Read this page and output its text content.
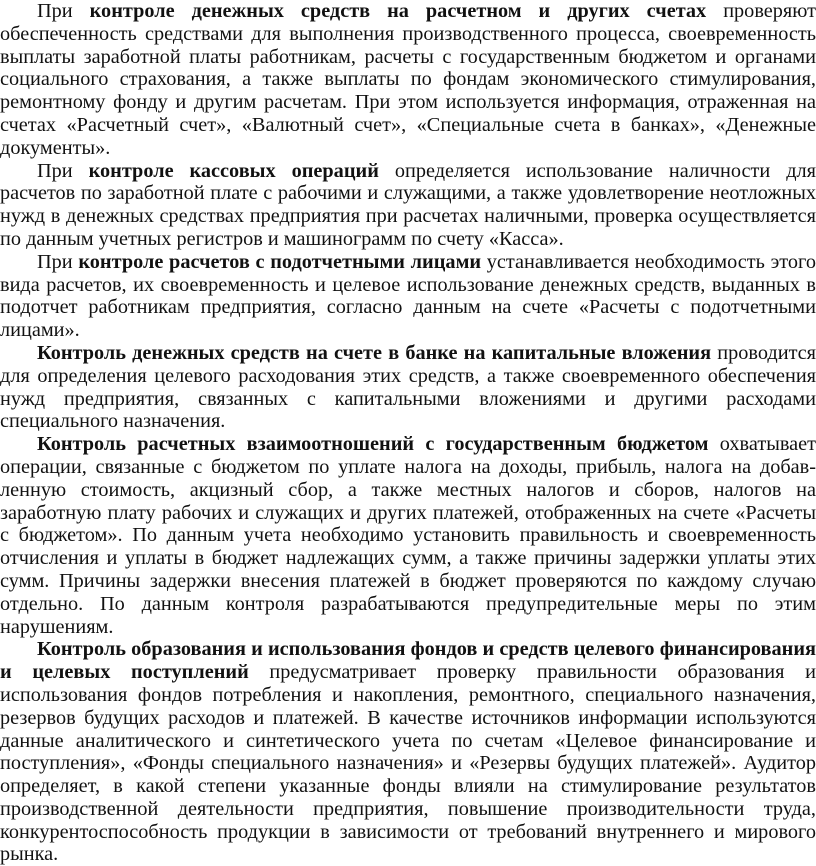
При контроле денежных средств на расчетном и других счетах проверяют обеспеченность средствами для выполнения производственного процесса, своевременность выплаты заработной платы работникам, расчеты с государственным бюджетом и органами социального страхования, а также выплаты по фондам экономического стимулирования, ремонтному фонду и другим расчетам. При этом используется информация, отраженная на счетах «Расчетный счет», «Валютный счет», «Специальные счета в банках», «Денежные документы».

При контроле кассовых операций определяется использование наличности для расчетов по заработной плате с рабочими и служащими, а также удовлетворение неотложных нужд в денежных средствах предприятия при расчетах наличными, проверка осуществляется по данным учетных регистров и машинограмм по счету «Касса».

При контроле расчетов с подотчетными лицами устанавливается необходимость этого вида расчетов, их своевременность и целевое использование денежных средств, выданных в подотчет работникам предприятия, согласно данным на счете «Расчеты с подотчетными лицами».

Контроль денежных средств на счете в банке на капитальные вложения проводится для определения целевого расходования этих средств, а также своевременного обеспечения нужд предприятия, связанных с капитальными вложениями и другими расходами специального назначения.

Контроль расчетных взаимоотношений с государственным бюджетом охватывает операции, связанные с бюджетом по уплате налога на доходы, прибыль, налога на добавленную стоимость, акцизный сбор, а также местных налогов и сборов, налогов на заработную плату рабочих и служащих и других платежей, отображенных на счете «Расчеты с бюджетом». По данным учета необходимо установить правильность и своевременность отчисления и уплаты в бюджет надлежащих сумм, а также причины задержки уплаты этих сумм. Причины задержки внесения платежей в бюджет проверяются по каждому случаю отдельно. По данным контроля разрабатываются предупредительные меры по этим нарушениям.

Контроль образования и использования фондов и средств целевого финансирования и целевых поступлений предусматривает проверку правильности образования и использования фондов потребления и накопления, ремонтного, специального назначения, резервов будущих расходов и платежей. В качестве источников информации используются данные аналитического и синтетического учета по счетам «Целевое финансирование и поступления», «Фонды специального назначения» и «Резервы будущих платежей». Аудитор определяет, в какой степени указанные фонды влияли на стимулирование результатов производственной деятельности предприятия, повышение производительности труда, конкурентоспособность продукции в зависимости от требований внутреннего и мирового рынка.
